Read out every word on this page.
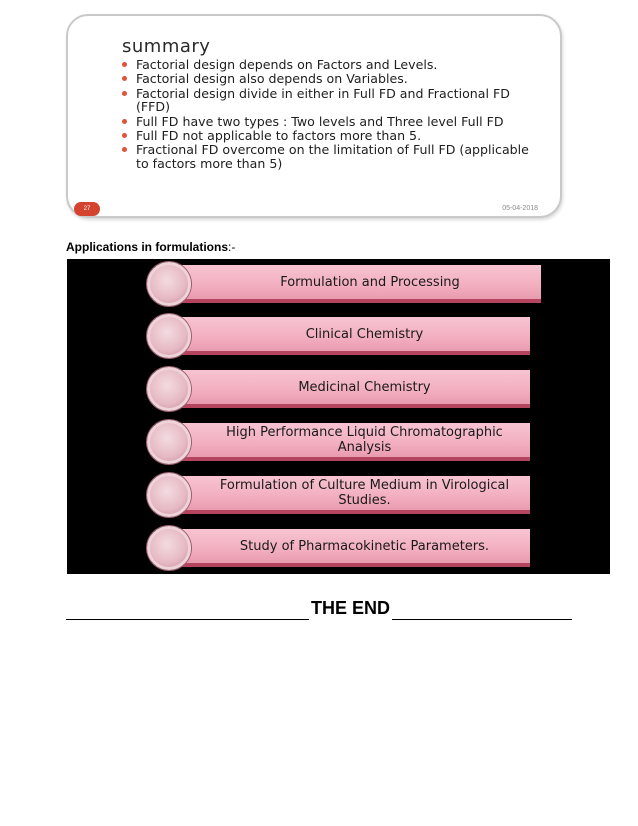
summary
Factorial design depends on Factors and Levels.
Factorial design also depends on Variables.
Factorial design divide in either in Full FD and Fractional FD (FFD)
Full FD have two types : Two levels and Three level Full FD
Full FD not applicable to factors more than 5.
Fractional FD overcome on the limitation of Full FD (applicable to factors more than 5)
27	05-04-2018
Applications in formulations:-
Formulation and Processing
Clinical Chemistry
Medicinal Chemistry
High Performance Liquid Chromatographic Analysis
Formulation of Culture Medium in Virological Studies.
Study of Pharmacokinetic Parameters.
THE END
